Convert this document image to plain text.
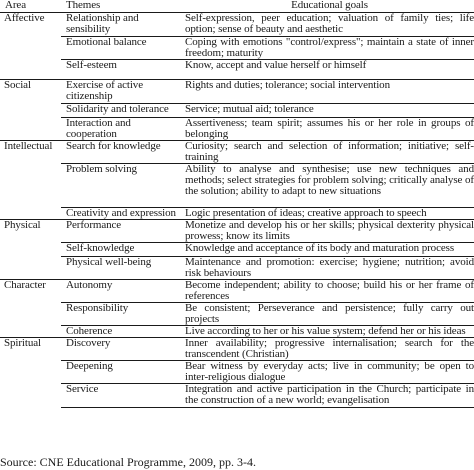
Area	Themes	Educational goals
Affective	Relationship and sensibility	Self-expression, peer education; valuation of family ties; life option; sense of beauty and aesthetic
	Emotional balance	Coping with emotions "control/express"; maintain a state of inner freedom; maturity
	Self-esteem	Know, accept and value herself or himself
Social	Exercise of active citizenship	Rights and duties; tolerance; social intervention
	Solidarity and tolerance	Service; mutual aid; tolerance
	Interaction and cooperation	Assertiveness; team spirit; assumes his or her role in groups of belonging
Intellectual	Search for knowledge	Curiosity; search and selection of information; initiative; self-training
	Problem solving	Ability to analyse and synthesise; use new techniques and methods; select strategies for problem solving; critically analyse of the solution; ability to adapt to new situations
	Creativity and expression	Logic presentation of ideas; creative approach to speech
Physical	Performance	Monetize and develop his or her skills; physical dexterity physical prowess; know its limits
	Self-knowledge	Knowledge and acceptance of its body and maturation process
	Physical well-being	Maintenance and promotion: exercise; hygiene; nutrition; avoid risk behaviours
Character	Autonomy	Become independent; ability to choose; build his or her frame of references
	Responsibility	Be consistent; Perseverance and persistence; fully carry out projects
	Coherence	Live according to her or his value system; defend her or his ideas
Spiritual	Discovery	Inner availability; progressive internalisation; search for the transcendent (Christian)
	Deepening	Bear witness by everyday acts; live in community; be open to inter-religious dialogue
	Service	Integration and active participation in the Church; participate in the construction of a new world; evangelisation
Source: CNE Educational Programme, 2009, pp. 3-4.
